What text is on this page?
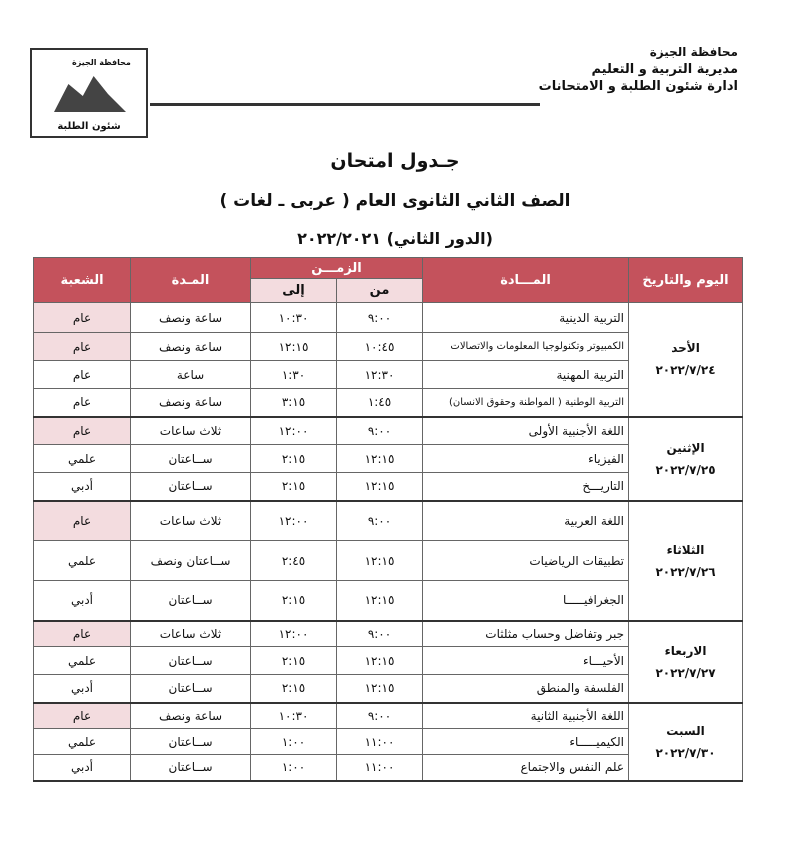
محافظة الجيزة
شئون الطلبة
محافظة الجيزة
مديرية التربية و التعليم
ادارة شئون الطلبة و الامتحانات
جـدول امتحان
الصف الثاني الثانوى العام ( عربى ـ لغات )
(الدور الثاني) ٢٠٢٢/٢٠٢١
اليوم والتاريخ	المـــادة	الزمـــن		المـدة	الشعبة
		من	إلى		

الأحد
٢٠٢٢/٧/٢٤	التربية الدينية	٩:٠٠	١٠:٣٠	ساعة ونصف	عام
	الكمبيوتر وتكنولوجيا المعلومات والاتصالات	١٠:٤٥	١٢:١٥	ساعة ونصف	عام
	التربية المهنية	١٢:٣٠	١:٣٠	ساعة	عام
	التربية الوطنية ( المواطنة وحقوق الانسان)	١:٤٥	٣:١٥	ساعة ونصف	عام

الإثنين
٢٠٢٢/٧/٢٥	اللغة الأجنبية الأولى	٩:٠٠	١٢:٠٠	ثلاث ساعات	عام
	الفيزياء	١٢:١٥	٢:١٥	ســاعتان	علمي
	التاريـــخ	١٢:١٥	٢:١٥	ســاعتان	أدبي

الثلاثاء
٢٠٢٢/٧/٢٦	اللغة العربية	٩:٠٠	١٢:٠٠	ثلاث ساعات	عام
	تطبيقات الرياضيات	١٢:١٥	٢:٤٥	ســاعتان ونصف	علمي
	الجغرافيـــــا	١٢:١٥	٢:١٥	ســاعتان	أدبي

الاربعاء
٢٠٢٢/٧/٢٧	جبر وتفاضل وحساب مثلثات	٩:٠٠	١٢:٠٠	ثلاث ساعات	عام
	الأحيـــاء	١٢:١٥	٢:١٥	ســاعتان	علمي
	الفلسفة والمنطق	١٢:١٥	٢:١٥	ســاعتان	أدبي

السبت
٢٠٢٢/٧/٣٠	اللغة الأجنبية الثانية	٩:٠٠	١٠:٣٠	ساعة ونصف	عام
	الكيميـــــاء	١١:٠٠	١:٠٠	ســاعتان	علمي
	علم النفس والاجتماع	١١:٠٠	١:٠٠	ســاعتان	أدبي
